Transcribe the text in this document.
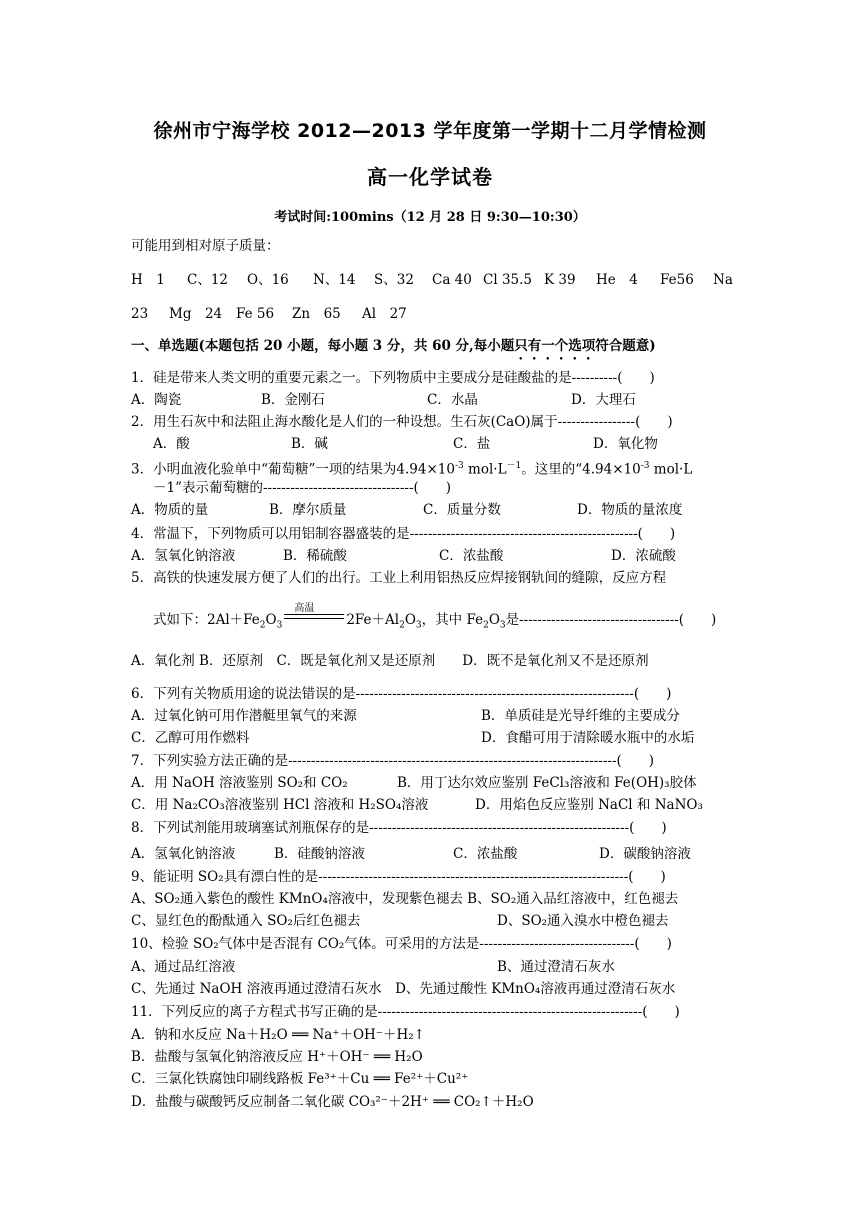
徐州市宁海学校 2012—2013 学年度第一学期十二月学情检测
高一化学试卷
考试时间:100mins（12 月 28 日 9:30—10:30）
可能用到相对原子质量：
H　1 C、12 O、16 N、14 S、32 Ca 40 Cl 35.5 K 39 He　4 Fe56 Na
23 Mg　24 Fe 56 Zn　65 Al　27
一、单选题(本题包括 20 小题，每小题 3 分，共 60 分,每小题只有一个选项符合题意)
1．硅是带来人类文明的重要元素之一。下列物质中主要成分是硅酸盐的是----------(　　)
A．陶瓷	B．金刚石	C．水晶	D．大理石
2．用生石灰中和法阻止海水酸化是人们的一种设想。生石灰(CaO)属于-----------------(　　)
A．酸	B．碱	C．盐	D．氧化物
3．小明血液化验单中“葡萄糖”一项的结果为$4.94\times 10^{-3}$ $mol\cdot L^{-1}$。这里的“$4.94\times 10^{-3}$ mol·L
－1”表示葡萄糖的---------------------------------(　　)
A．物质的量	B．摩尔质量	C．质量分数	D．物质的量浓度
4．常温下，下列物质可以用铝制容器盛装的是--------------------------------------------------(　　)
A．氢氧化钠溶液	B．稀硫酸	C．浓盐酸	D．浓硫酸
5．高铁的快速发展方便了人们的出行。工业上利用铝热反应焊接钢轨间的缝隙，反应方程
式如下：$2Al+Fe_2O_3$
高温
$2Fe+Al_2O_3$，其中 $Fe_2O_3$是-----------------------------------(　　)
A．氧化剂 B．还原剂　C．既是氧化剂又是还原剂　　D．既不是氧化剂又不是还原剂
6．下列有关物质用途的说法错误的是-------------------------------------------------------------(　　)
A．过氧化钠可用作潜艇里氧气的来源	B．单质硅是光导纤维的主要成分
C．乙醇可用作燃料	D．食醋可用于清除暖水瓶中的水垢
7．下列实验方法正确的是------------------------------------------------------------------------(　　)
A．用 NaOH 溶液鉴别 SO₂和 CO₂	B．用丁达尔效应鉴别 FeCl₃溶液和 Fe(OH)₃胶体
C．用 Na₂CO₃溶液鉴别 HCl 溶液和 H₂SO₄溶液	D．用焰色反应鉴别 NaCl 和 NaNO₃
8．下列试剂能用玻璃塞试剂瓶保存的是---------------------------------------------------------(　　)
A．氢氧化钠溶液	B．硅酸钠溶液	C．浓盐酸	D．碳酸钠溶液
9、能证明 SO₂具有漂白性的是--------------------------------------------------------------------(　　)
A、SO₂通入紫色的酸性 KMnO₄溶液中，发现紫色褪去 B、SO₂通入品红溶液中，红色褪去
C、显红色的酚酞通入 SO₂后红色褪去	D、SO₂通入溴水中橙色褪去
10、检验 SO₂气体中是否混有 CO₂气体。可采用的方法是----------------------------------(　　)
A、通过品红溶液	B、通过澄清石灰水
C、先通过 NaOH 溶液再通过澄清石灰水　D、先通过酸性 KMnO₄溶液再通过澄清石灰水
11．下列反应的离子方程式书写正确的是----------------------------------------------------------(　　)
A．钠和水反应 Na＋H₂O ══ Na⁺＋OH⁻＋H₂↑
B．盐酸与氢氧化钠溶液反应 H⁺＋OH⁻ ══ H₂O
C．三氯化铁腐蚀印刷线路板 Fe³⁺＋Cu ══ Fe²⁺＋Cu²⁺
D．盐酸与碳酸钙反应制备二氧化碳 CO₃²⁻＋2H⁺ ══ CO₂↑＋H₂O
